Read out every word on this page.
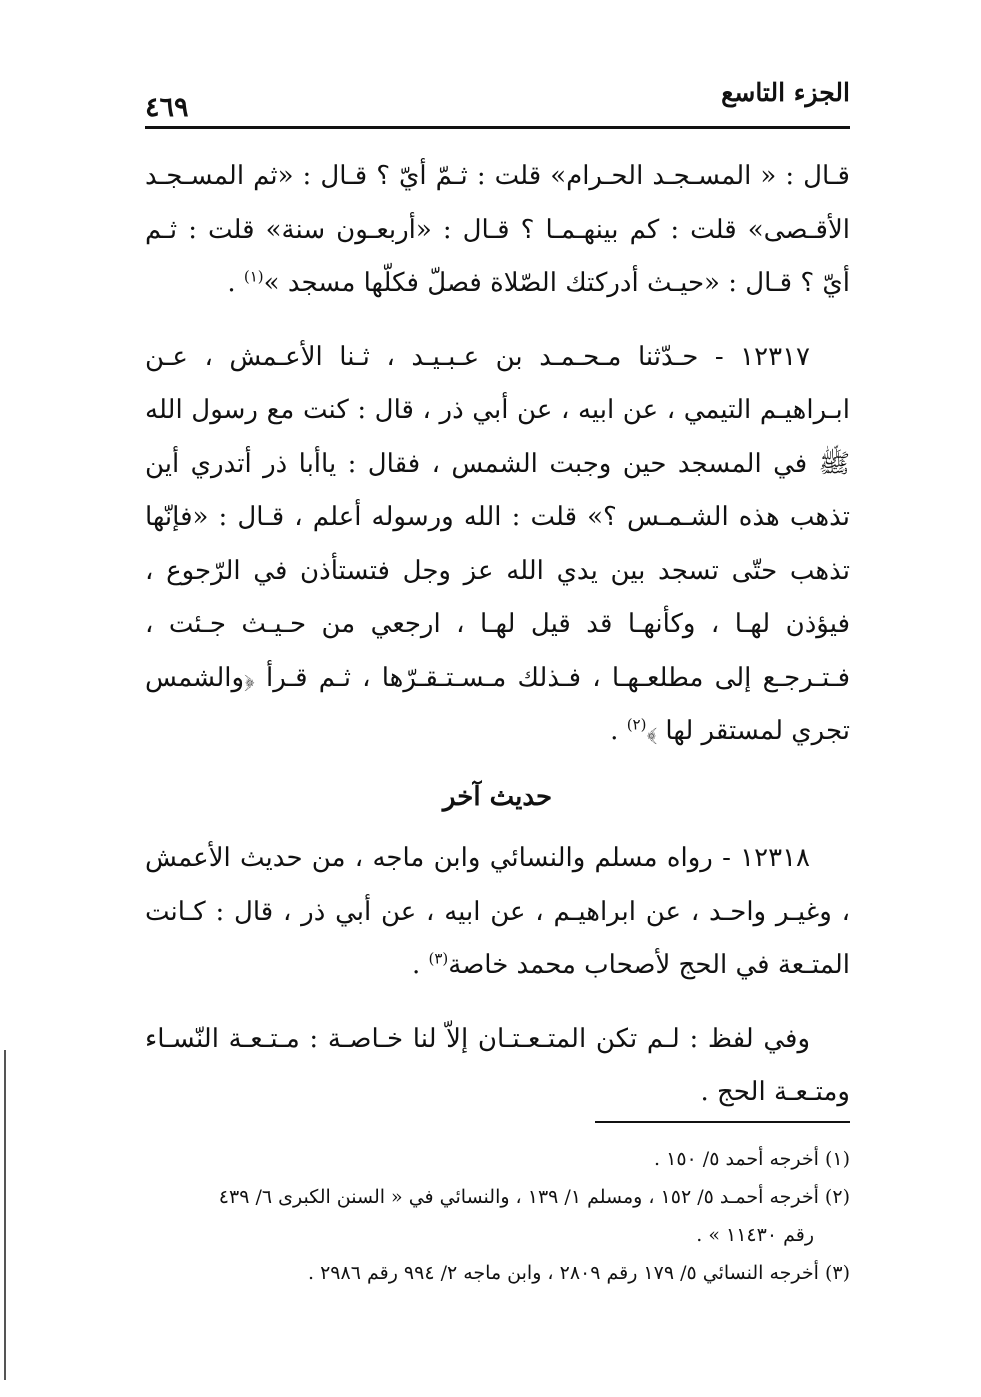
الجزء التاسع
٤٦٩

قـال : « المسـجـد الحـرام» قلت : ثـمّ أيّ ؟ قـال : «ثم المسـجـد الأقـصى» قلت : كم بينهـمـا ؟ قـال : «أربعـون سنة» قلت : ثـم أيّ ؟ قـال : «حيـث أدركتك الصّلاة فصلّ فكلّها مسجد »$^{(١)}$ .

١٢٣١٧ - حـدّثنا مـحـمـد بن عـبـيـد ، ثـنا الأعـمش ، عـن ابـراهيـم التيمي ، عن ابيه ، عن أبي ذر ، قال : كنت مع رسول الله ﷺ في المسجد حين وجبت الشمس ، فقال : ياأبا ذر أتدري أين تذهب هذه الشـمـس ؟» قلت : الله ورسوله أعلم ، قـال : «فإنّها تذهب حتّى تسجد بين يدي الله عز وجل فتستأذن في الرّجوع ، فيؤذن لهـا ، وكأنهـا قد قيل لهـا ، ارجعي من حـيـث جـئت ، فـتـرجـع إلى مطلعـهـا ، فـذلك مـسـتـقـرّها ، ثـم قـرأ ﴿والشمس تجري لمستقر لها ﴾$^{(٢)}$ .

حديث آخر

١٢٣١٨ - رواه مسلم والنسائي وابن ماجه ، من حديث الأعمش ، وغيـر واحـد ، عن ابراهيـم ، عن ابيه ، عن أبي ذر ، قال : كـانت المتـعة في الحج لأصحاب محمد خاصة$^{(٣)}$ .

وفي لفظ : لـم تكن المتـعـتـان إلاّ لنا خـاصـة : مـتـعـة النّسـاء ومتـعـة الحج .

(١) أخرجه أحمد ٥/ ١٥٠ .

(٢) أخرجه أحمـد ٥/ ١٥٢ ، ومسلم ١/ ١٣٩ ، والنسائي في « السنن الكبرى ٦/ ٤٣٩
رقم ١١٤٣٠ » .

(٣) أخرجه النسائي ٥/ ١٧٩ رقم ٢٨٠٩ ، وابن ماجه ٢/ ٩٩٤ رقم ٢٩٨٦ .
